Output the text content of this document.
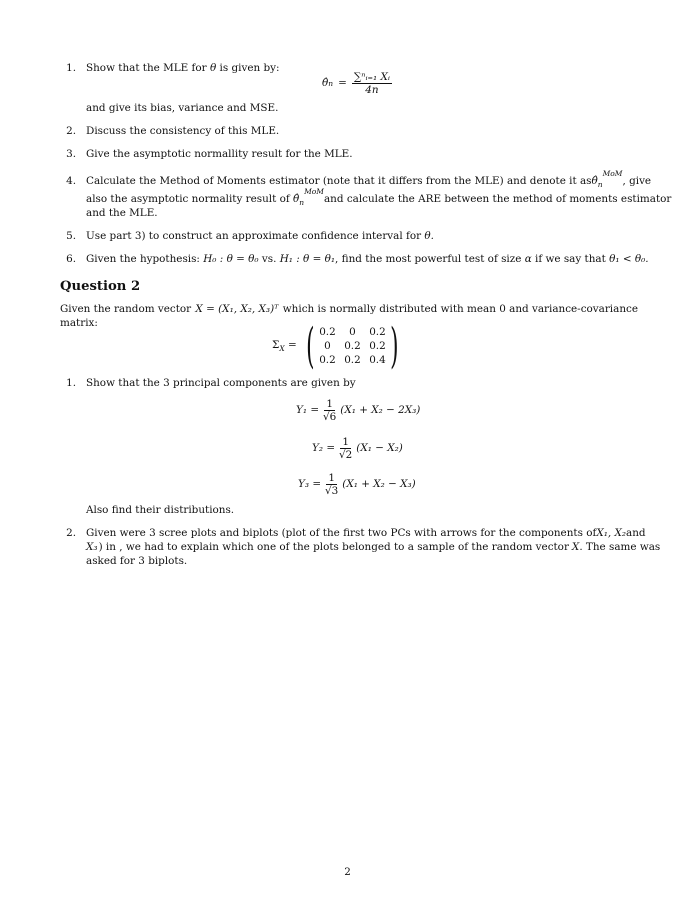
1. Show that the MLE for θ is given by:
θ̂ $n = \frac{\text{∑ⁿᵢ₌₁ Xᵢ}}{4n}$
and give its bias, variance and MSE.
2. Discuss the consistency of this MLE.
3. Give the asymptotic normallity result for the MLE.
4. Calculate the Method of Moments estimator (note that it differs from the MLE) and denote it as $\thetâ_n^{MoM}$, give
also the asymptotic normality result of $\thetâ_n^{MoM}$
and calculate the ARE between the method of moments estimator
and the MLE.
5. Use part 3) to construct an approximate confidence interval for θ.
6. Given the hypothesis: H₀ : θ = θ₀ vs. H₁ : θ = θ₁, find the most powerful test of size α if we say that θ₁ < θ₀.
Question 2
Given the random vector X = (X₁, X₂, X₃)ᵀ which is normally distributed with mean 0 and variance-covariance
matrix:
$\Sigma_X$ = ( 0.2	0	0.2
0	0.2 0.2
0.2 0.2 0.4 )
1. Show that the 3 principal components are given by
$Y_1 = \frac{1}{√6} (X_1 + X_2 - 2X_3)$
$Y_2 = \frac{1}{√2} (X_1 - X_2)$
$Y_3 = \frac{1}{√3} (X_1 + X_2 - X_3)$
Also find their distributions.
2. Given were 3 scree plots and biplots (plot of the first two PCs with arrows for the components of X₁, X₂ and
X₃ ) in , we had to explain which one of the plots belonged to a sample of the random vector X . The same was
asked for 3 biplots.
2
